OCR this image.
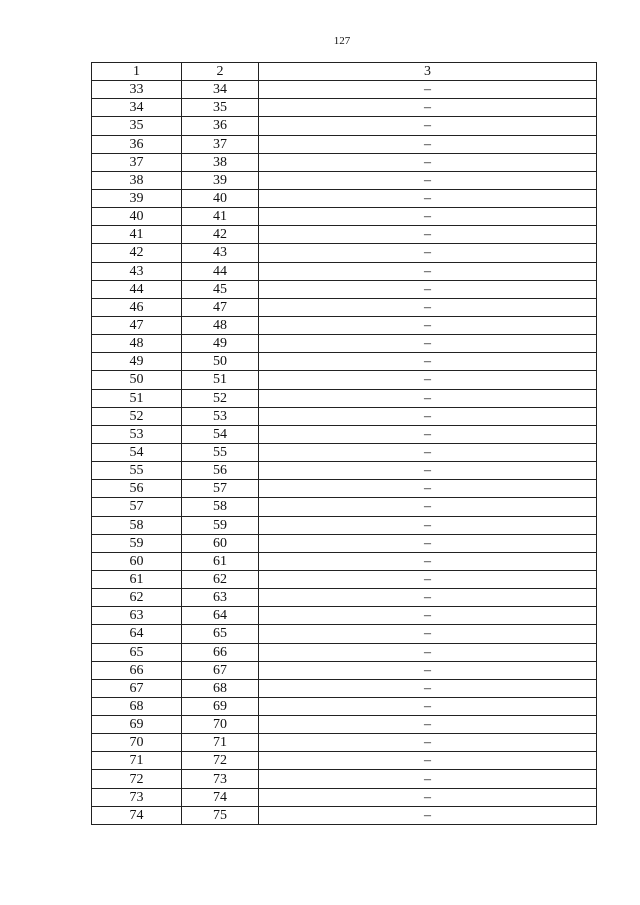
127
1	2	3
33	34	–
34	35	–
35	36	–
36	37	–
37	38	–
38	39	–
39	40	–
40	41	–
41	42	–
42	43	–
43	44	–
44	45	–
46	47	–
47	48	–
48	49	–
49	50	–
50	51	–
51	52	–
52	53	–
53	54	–
54	55	–
55	56	–
56	57	–
57	58	–
58	59	–
59	60	–
60	61	–
61	62	–
62	63	–
63	64	–
64	65	–
65	66	–
66	67	–
67	68	–
68	69	–
69	70	–
70	71	–
71	72	–
72	73	–
73	74	–
74	75	–
